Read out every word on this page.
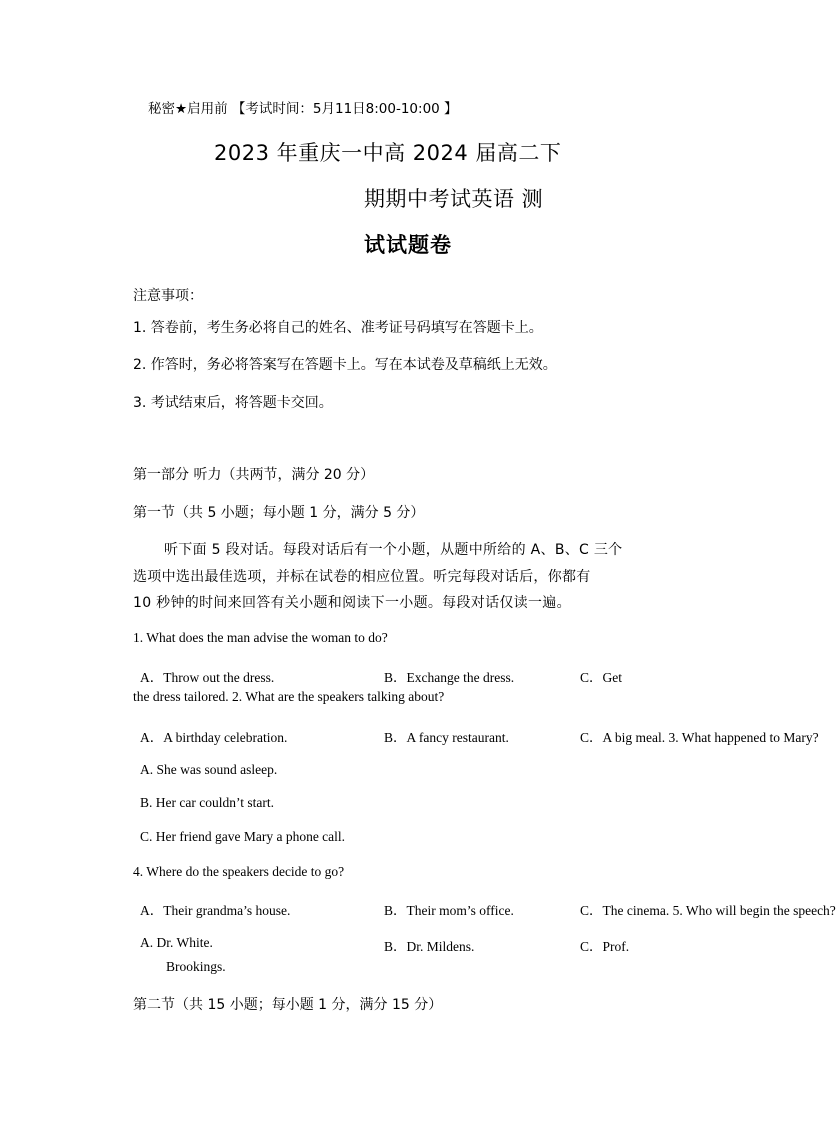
秘密★启用前 【考试时间：5月11日8:00-10:00 】
2023 年重庆一中高 2024 届高二下
期期中考试英语 测
试试题卷
注意事项：
1. 答卷前，考生务必将自己的姓名、准考证号码填写在答题卡上。
2. 作答时，务必将答案写在答题卡上。写在本试卷及草稿纸上无效。
3. 考试结束后，将答题卡交回。
第一部分 听力（共两节，满分 20 分）
第一节（共 5 小题；每小题 1 分，满分 5 分）
听下面 5 段对话。每段对话后有一个小题，从题中所给的 A、B、C 三个
选项中选出最佳选项，并标在试卷的相应位置。听完每段对话后，你都有
10 秒钟的时间来回答有关小题和阅读下一小题。每段对话仅读一遍。
1. What does the man advise the woman to do?
A．Throw out the dress.	B．Exchange the dress.	C．Get
the dress tailored. 2. What are the speakers talking about?
A．A birthday celebration.	B．A fancy restaurant.	C．A big meal. 3. What happened to Mary?
A. She was sound asleep.
B. Her car couldn’t start.
C. Her friend gave Mary a phone call.
4. Where do the speakers decide to go?
A．Their grandma’s house.	B．Their mom’s office.	C．The cinema. 5. Who will begin the speech?
A. Dr. White.	B．Dr. Mildens.	C．Prof.
Brookings.
第二节（共 15 小题；每小题 1 分，满分 15 分）
